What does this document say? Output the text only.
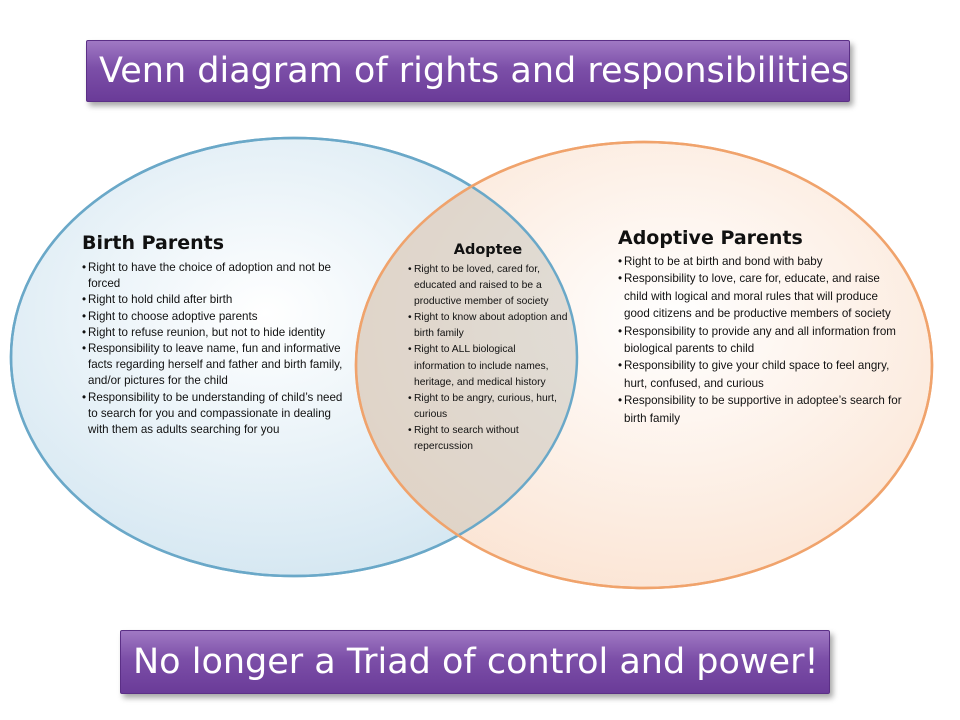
Venn diagram of rights and responsibilities
Birth Parents
• Right to have the choice of adoption and not be forced
• Right to hold child after birth
• Right to choose adoptive parents
• Right to refuse reunion, but not to hide identity
• Responsibility to leave name, fun and informative facts regarding herself and father and birth family, and/or pictures for the child
• Responsibility to be understanding of child’s need to search for you and compassionate in dealing with them as adults searching for you
Adoptee
• Right to be loved, cared for, educated and raised to be a productive member of society
• Right to know about adoption and birth family
• Right to ALL biological information to include names, heritage, and medical history
• Right to be angry, curious, hurt, curious
• Right to search without repercussion
Adoptive Parents
• Right to be at birth and bond with baby
• Responsibility to love, care for, educate, and raise child with logical and moral rules that will produce good citizens and be productive members of society
• Responsibility to provide any and all information from biological parents to child
• Responsibility to give your child space to feel angry, hurt, confused, and curious
• Responsibility to be supportive in adoptee’s search for birth family
No longer a Triad of control and power!
